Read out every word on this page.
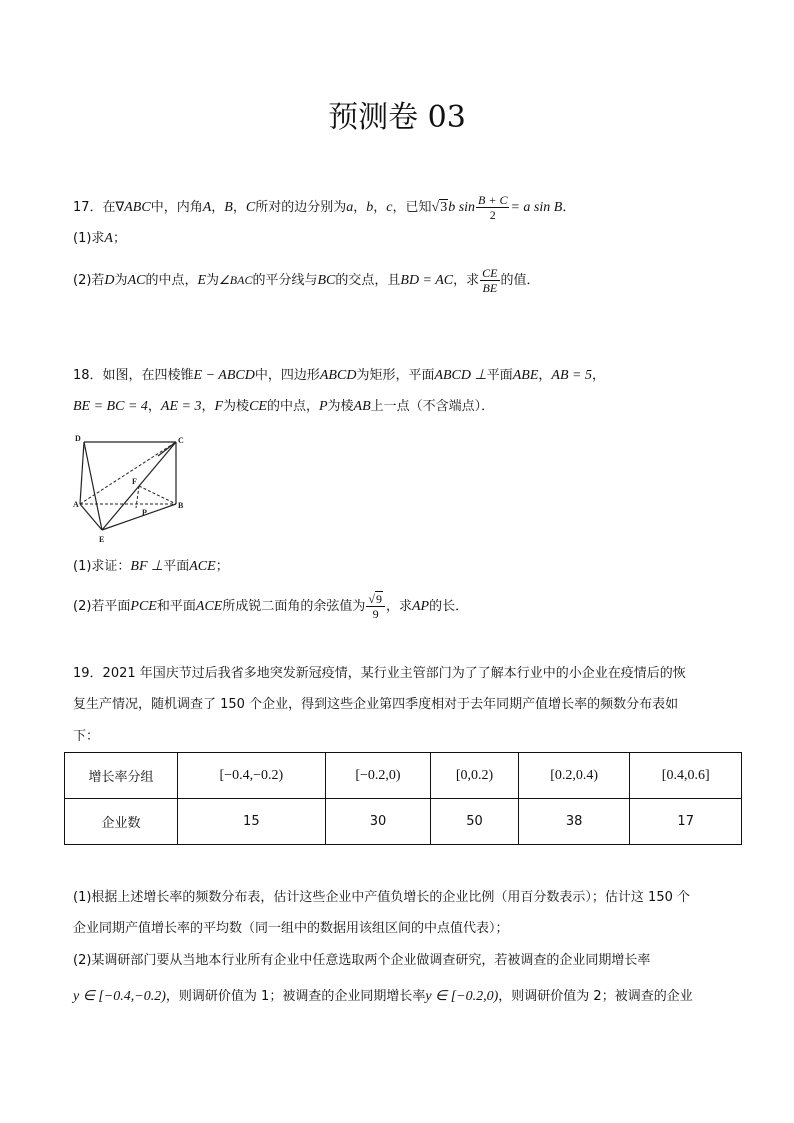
预测卷 03
17．在∇ABC中，内角A，B，C所对的边分别为a，b，c，已知√3b $\sin \frac{B + C}{2} = a$ sin B．
(1)求A；
(2)若D为AC的中点，E为∠BAC的平分线与BC的交点，且BD = AC，求 $\frac{CE}{BE}$ 的值．
18．如图，在四棱锥E − ABCD中，四边形ABCD为矩形，平面ABCD ⊥平面ABE，AB = 5，
BE = BC = 4，AE = 3，F为棱CE的中点，P为棱AB上一点（不含端点）．
D	C
A	B
E
F
P
(1)求证：BF ⊥平面ACE；
(2)若平面PCE和平面ACE所成锐二面角的余弦值为 $\frac{√9}{9}$ ，求AP的长．
19．2021 年国庆节过后我省多地突发新冠疫情，某行业主管部门为了了解本行业中的小企业在疫情后的恢
复生产情况，随机调查了 150 个企业，得到这些企业第四季度相对于去年同期产值增长率的频数分布表如
下：
增长率分组	[−0.4,−0.2)	[−0.2,0)	[0,0.2)	[0.2,0.4)	[0.4,0.6]
企业数	15	30	50	38	17
(1)根据上述增长率的频数分布表，估计这些企业中产值负增长的企业比例（用百分数表示）；估计这 150 个
企业同期产值增长率的平均数（同一组中的数据用该组区间的中点值代表）；
(2)某调研部门要从当地本行业所有企业中任意选取两个企业做调查研究，若被调查的企业同期增长率
y ∈ [−0.4,−0.2)，则调研价值为 1；被调查的企业同期增长率y ∈ [−0.2,0)，则调研价值为 2；被调查的企业
